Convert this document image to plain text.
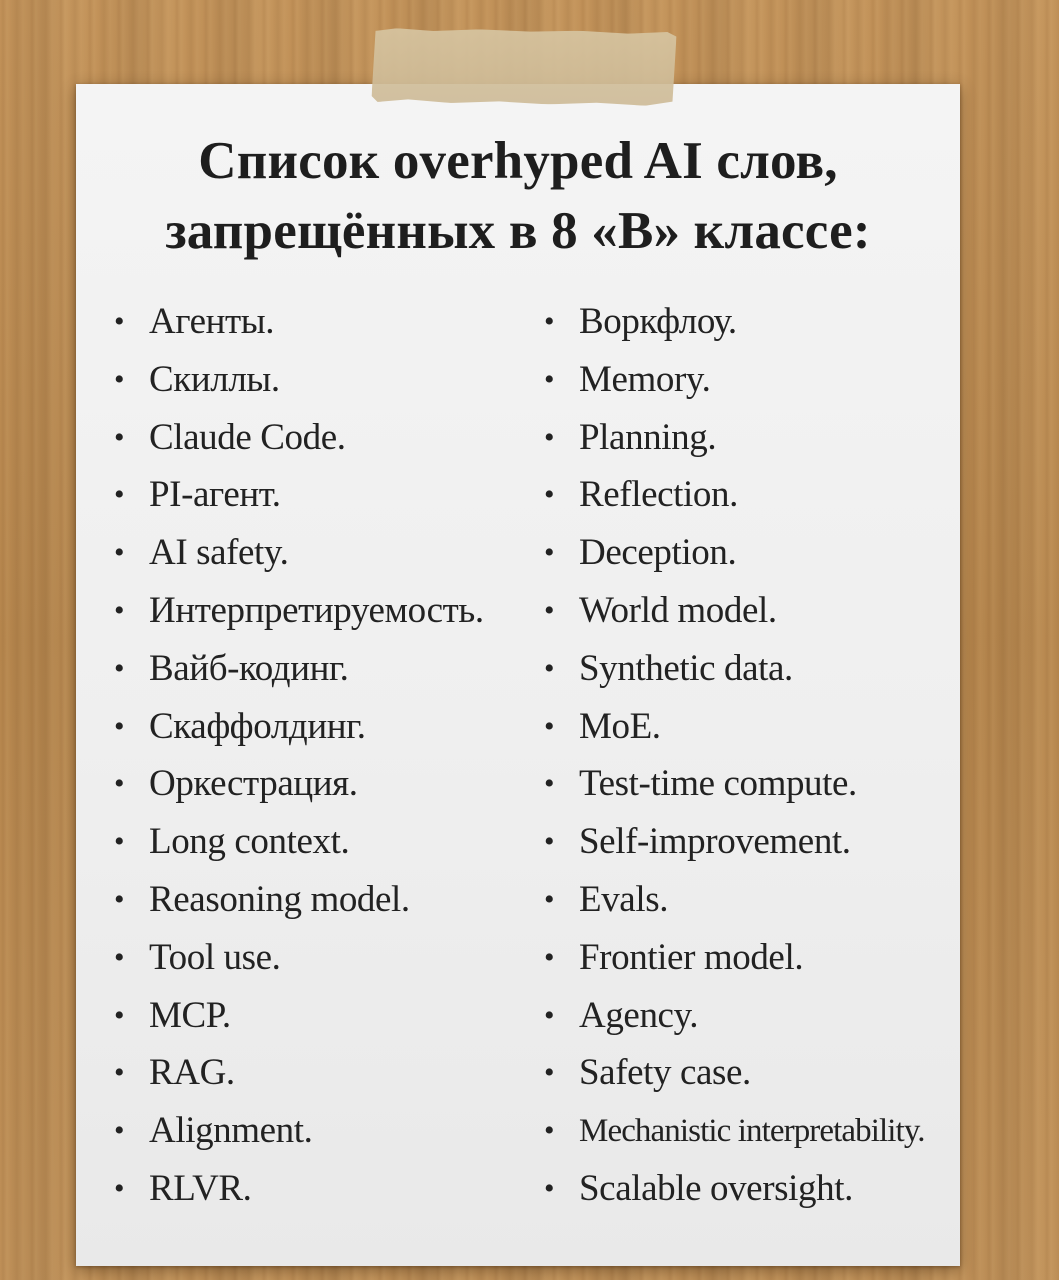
Список overhyped AI слов,
запрещённых в 8 «В» классе:
• Агенты.
• Скиллы.
• Claude Code.
• PI-агент.
• AI safety.
• Интерпретируемость.
• Вайб-кодинг.
• Скаффолдинг.
• Оркестрация.
• Long context.
• Reasoning model.
• Tool use.
• MCP.
• RAG.
• Alignment.
• RLVR.
• Воркфлоу.
• Memory.
• Planning.
• Reflection.
• Deception.
• World model.
• Synthetic data.
• MoE.
• Test-time compute.
• Self-improvement.
• Evals.
• Frontier model.
• Agency.
• Safety case.
• Mechanistic interpretability.
• Scalable oversight.
